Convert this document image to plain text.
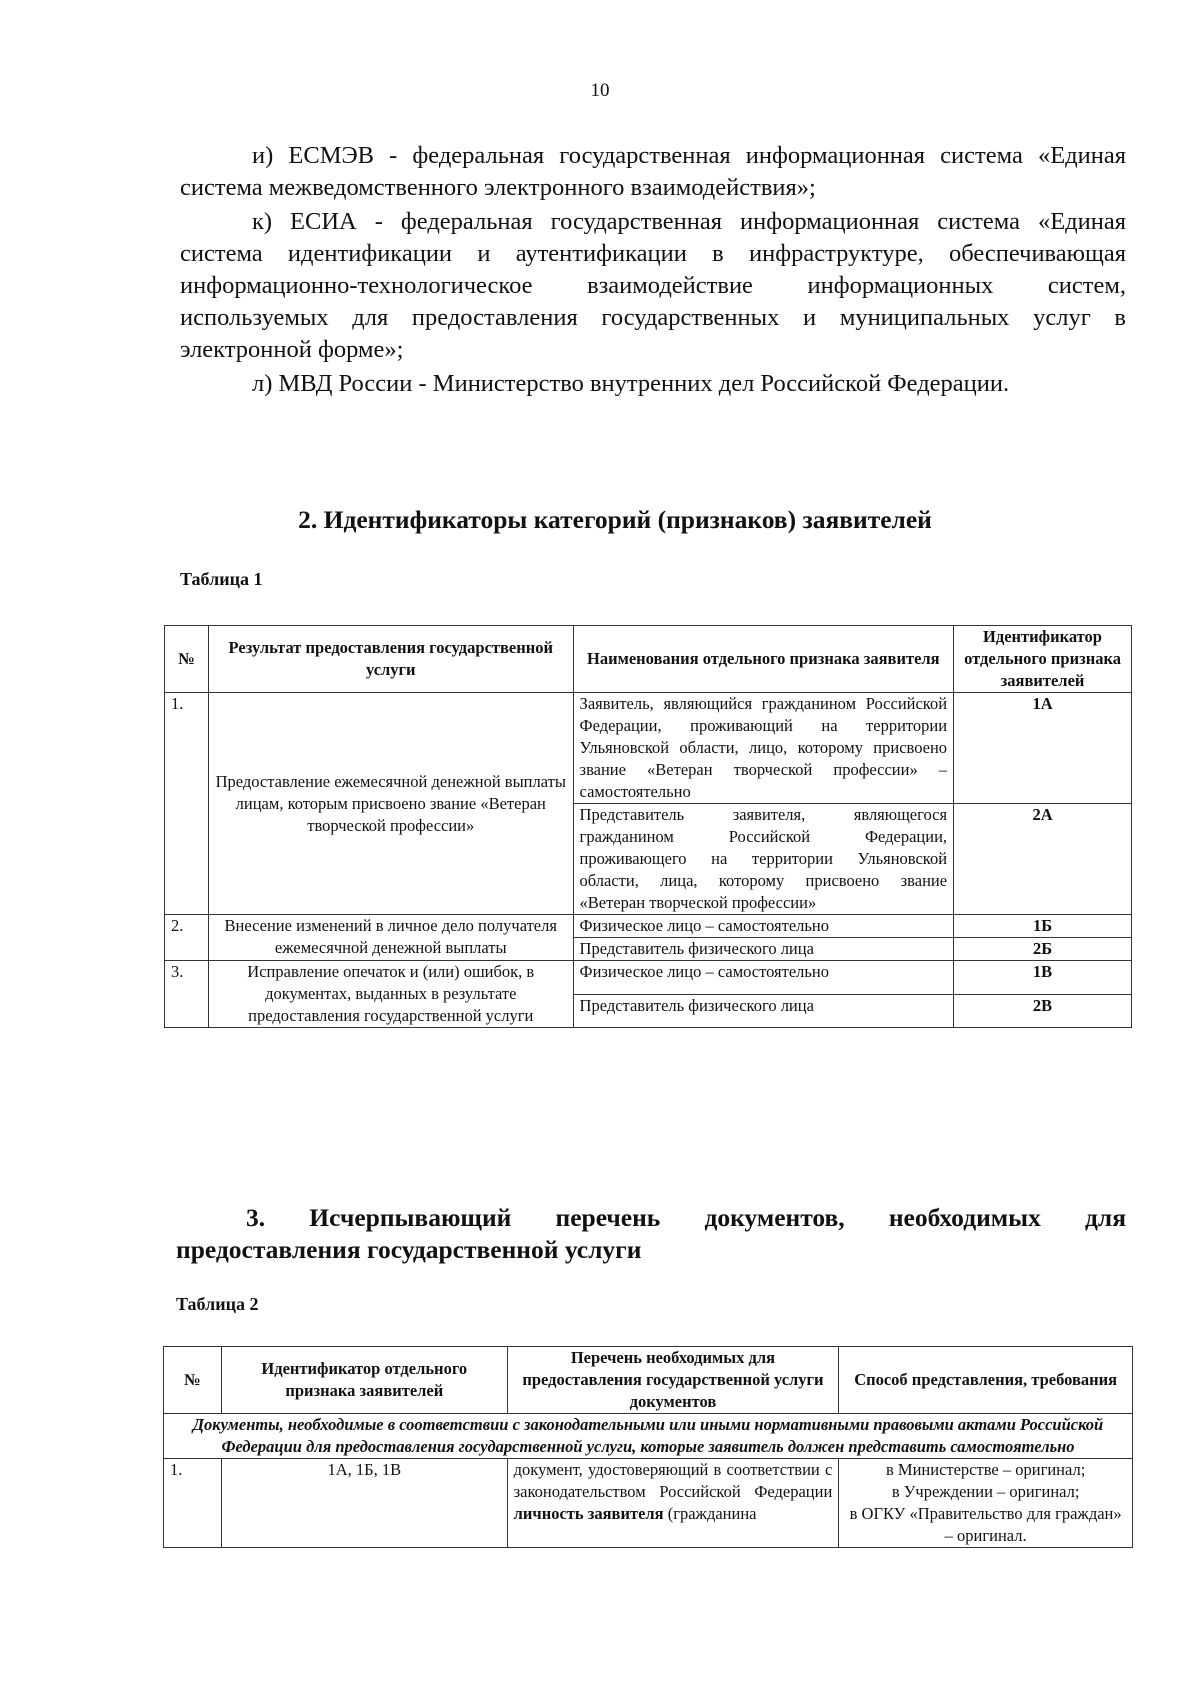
10
и) ЕСМЭВ - федеральная государственная информационная система «Единая система межведомственного электронного взаимодействия»;
к) ЕСИА - федеральная государственная информационная система «Единая система идентификации и аутентификации в инфраструктуре, обеспечивающая информационно-технологическое взаимодействие информационных систем, используемых для предоставления государственных и муниципальных услуг в электронной форме»;
л) МВД России - Министерство внутренних дел Российской Федерации.
2. Идентификаторы категорий (признаков) заявителей
Таблица 1
№	Результат предоставления государственной услуги	Наименования отдельного признака заявителя	Идентификатор отдельного признака заявителей
1.	Предоставление ежемесячной денежной выплаты лицам, которым присвоено звание «Ветеран творческой профессии»	Заявитель, являющийся гражданином Российской Федерации, проживающий на территории Ульяновской области, лицо, которому присвоено звание «Ветеран творческой профессии» – самостоятельно	1А
		Представитель заявителя, являющегося гражданином Российской Федерации, проживающего на территории Ульяновской области, лица, которому присвоено звание «Ветеран творческой профессии»	2А
2.	Внесение изменений в личное дело получателя ежемесячной денежной выплаты	Физическое лицо – самостоятельно	1Б
		Представитель физического лица	2Б
3.	Исправление опечаток и (или) ошибок, в документах, выданных в результате предоставления государственной услуги	Физическое лицо – самостоятельно	1В
		Представитель физического лица	2В
3. Исчерпывающий перечень документов, необходимых для предоставления государственной услуги
Таблица 2
№	Идентификатор отдельного признака заявителей	Перечень необходимых для предоставления государственной услуги документов	Способ представления, требования
Документы, необходимые в соответствии с законодательными или иными нормативными правовыми актами Российской Федерации для предоставления государственной услуги, которые заявитель должен представить самостоятельно			
1.	1А, 1Б, 1В	документ, удостоверяющий в соответствии с законодательством Российской Федерации личность заявителя (гражданина	в Министерстве – оригинал;
в Учреждении – оригинал;
в ОГКУ «Правительство для граждан» – оригинал.
